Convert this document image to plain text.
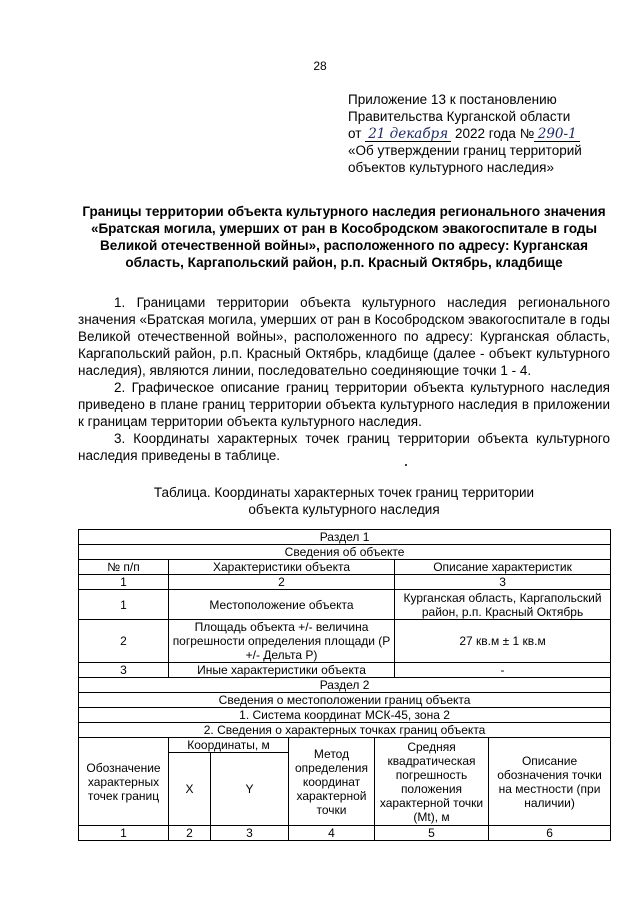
28
Приложение 13 к постановлению
Правительства Курганской области
от 21 декабря 2022 года № 290-1
«Об утверждении границ территорий
объектов культурного наследия»
Границы территории объекта культурного наследия регионального значения «Братская могила, умерших от ран в Кособродском эвакогоспитале в годы Великой отечественной войны», расположенного по адресу: Курганская область, Каргапольский район, р.п. Красный Октябрь, кладбище

1. Границами территории объекта культурного наследия регионального значения «Братская могила, умерших от ран в Кособродском эвакогоспитале в годы Великой отечественной войны», расположенного по адресу: Курганская область, Каргапольский район, р.п. Красный Октябрь, кладбище (далее - объект культурного наследия), являются линии, последовательно соединяющие точки 1 - 4.

2. Графическое описание границ территории объекта культурного наследия приведено в плане границ территории объекта культурного наследия в приложении к границам территории объекта культурного наследия.

3. Координаты характерных точек границ территории объекта культурного наследия приведены в таблице.

Таблица. Координаты характерных точек границ территории
объекта культурного наследия
Раздел 1						
Сведения об объекте						
№ п/п	Характеристики объекта				Описание характеристик	
1	2				3	
1	Местоположение объекта				Курганская область, Каргапольский район, р.п. Красный Октябрь	
2	Площадь объекта +/- величина погрешности определения площади (Р +/- Дельта Р)				27 кв.м ± 1 кв.м	
3	Иные характеристики объекта				-	
Раздел 2						
Сведения о местоположении границ объекта						
1. Система координат МСК-45, зона 2						
2. Сведения о характерных точках границ объекта						
Обозначение характерных точек границ	Координаты, м		Метод определения координат характерной точки	Средняя квадратическая погрешность положения характерной точки (Mt), м		Описание обозначения точки на местности (при наличии)
	X	Y				
1	2	3	4	5		6
